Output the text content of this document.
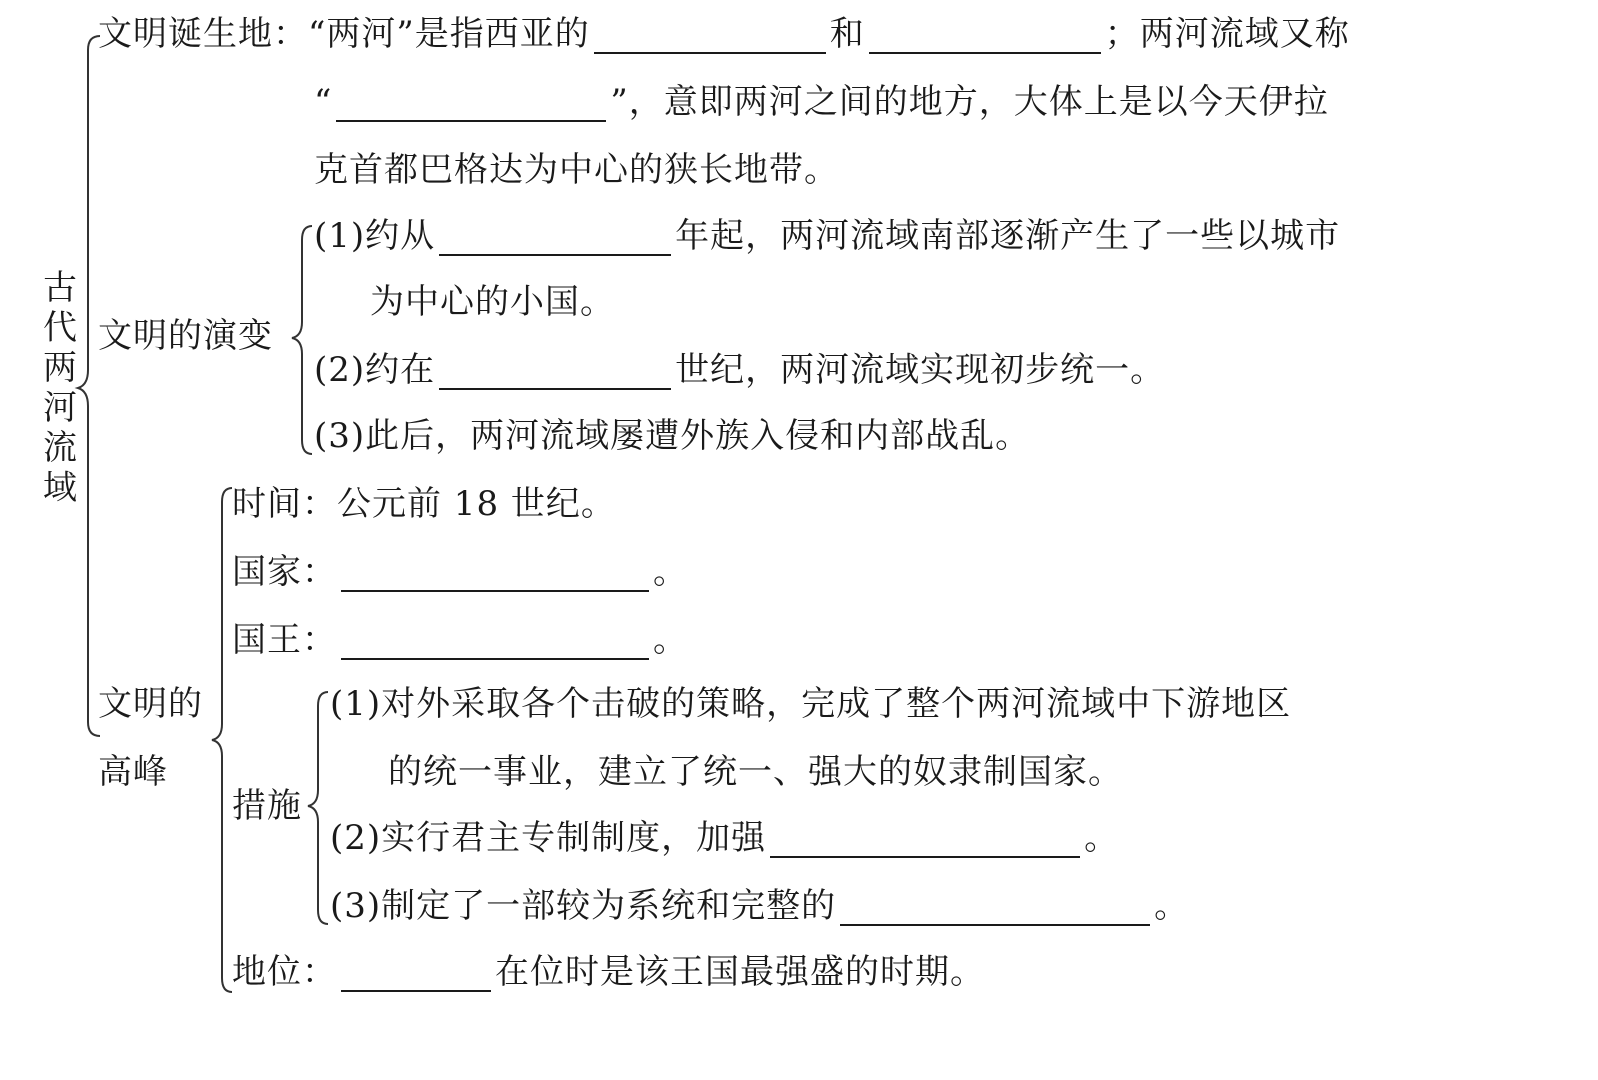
古代两河流域
文明诞生地：“两河”是指西亚的	和	；两河流域又称
“	”，意即两河之间的地方，大体上是以今天伊拉
克首都巴格达为中心的狭长地带。
文明的演变
(1)约从	年起，两河流域南部逐渐产生了一些以城市
为中心的小国。
(2)约在	世纪，两河流域实现初步统一。
(3)此后，两河流域屡遭外族入侵和内部战乱。
文明的
高峰
时间：公元前 18 世纪。
国家：	。
国王：	。
措施
(1)对外采取各个击破的策略，完成了整个两河流域中下游地区
的统一事业，建立了统一、强大的奴隶制国家。
(2)实行君主专制制度，加强	。
(3)制定了一部较为系统和完整的	。
地位：	在位时是该王国最强盛的时期。
